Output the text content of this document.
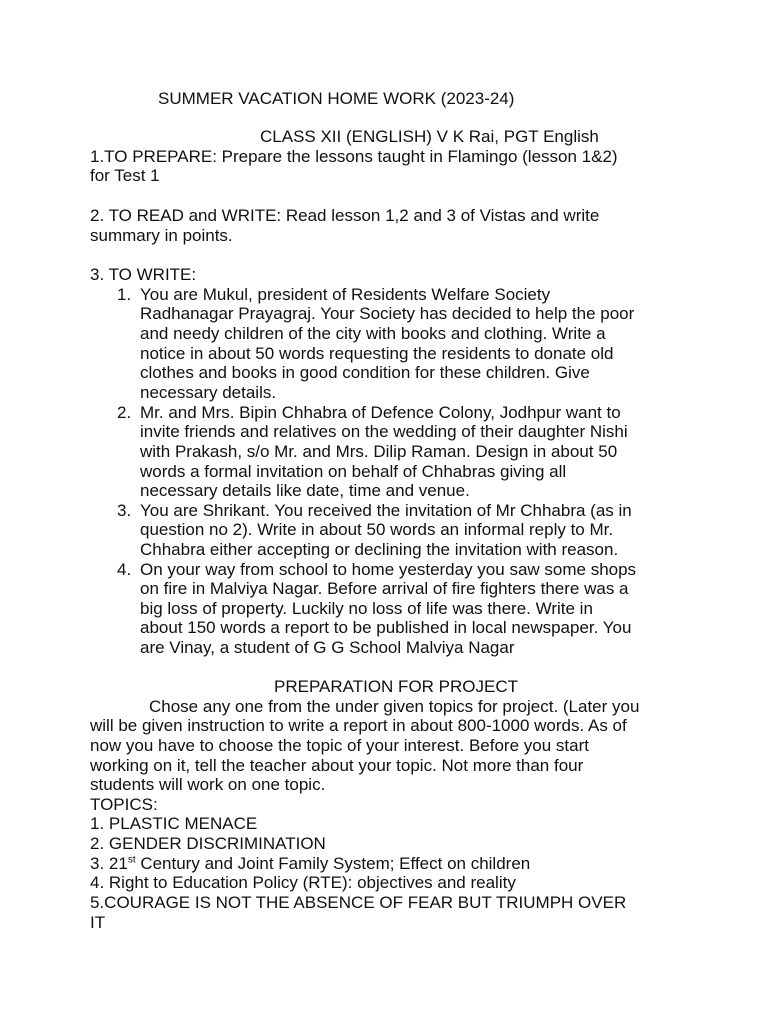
SUMMER VACATION HOME WORK (2023-24)

CLASS XII (ENGLISH) V K Rai, PGT English

1.TO PREPARE: Prepare the lessons taught in Flamingo (lesson 1&2)

for Test 1

2. TO READ and WRITE: Read lesson 1,2 and 3 of Vistas and write

summary in points.

3. TO WRITE:

1. You are Mukul, president of Residents Welfare Society

Radhanagar Prayagraj. Your Society has decided to help the poor

and needy children of the city with books and clothing. Write a

notice in about 50 words requesting the residents to donate old

clothes and books in good condition for these children. Give

necessary details.

2. Mr. and Mrs. Bipin Chhabra of Defence Colony, Jodhpur want to

invite friends and relatives on the wedding of their daughter Nishi

with Prakash, s/o Mr. and Mrs. Dilip Raman. Design in about 50

words a formal invitation on behalf of Chhabras giving all

necessary details like date, time and venue.

3. You are Shrikant. You received the invitation of Mr Chhabra (as in

question no 2). Write in about 50 words an informal reply to Mr.

Chhabra either accepting or declining the invitation with reason.

4. On your way from school to home yesterday you saw some shops

on fire in Malviya Nagar. Before arrival of fire fighters there was a

big loss of property. Luckily no loss of life was there. Write in

about 150 words a report to be published in local newspaper. You

are Vinay, a student of G G School Malviya Nagar

PREPARATION FOR PROJECT

Chose any one from the under given topics for project. (Later you

will be given instruction to write a report in about 800-1000 words. As of

now you have to choose the topic of your interest. Before you start

working on it, tell the teacher about your topic. Not more than four

students will work on one topic.

TOPICS:

1. PLASTIC MENACE

2. GENDER DISCRIMINATION

3. 21st Century and Joint Family System; Effect on children

4. Right to Education Policy (RTE): objectives and reality

5.COURAGE IS NOT THE ABSENCE OF FEAR BUT TRIUMPH OVER

IT
